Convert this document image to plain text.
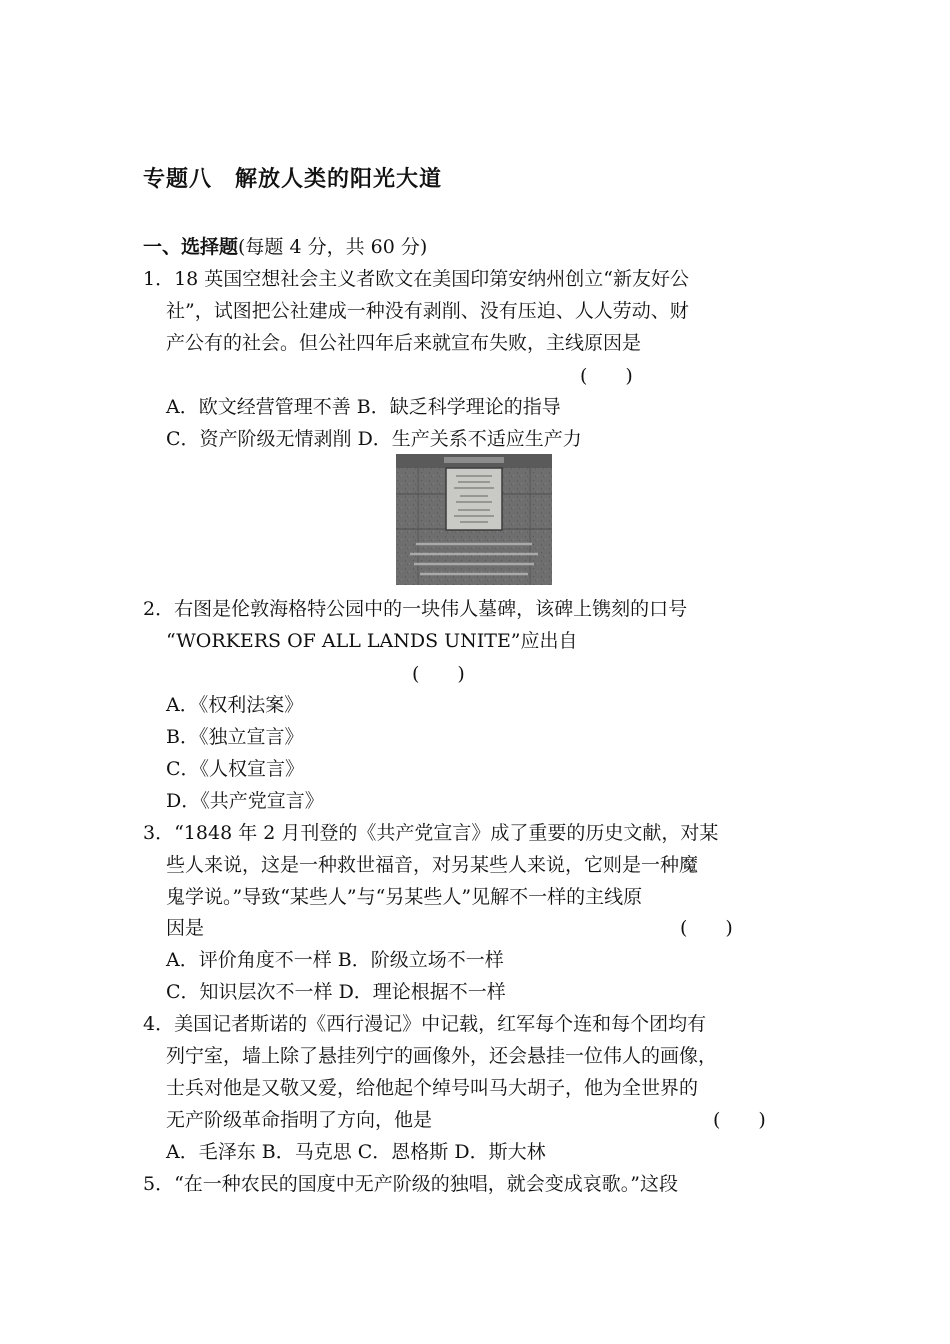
专题八　解放人类的阳光大道
一、选择题(每题 4 分，共 60 分)
1．18 英国空想社会主义者欧文在美国印第安纳州创立“新友好公
社”，试图把公社建成一种没有剥削、没有压迫、人人劳动、财
产公有的社会。但公社四年后来就宣布失败，主线原因是
(　　)
A．欧文经营管理不善 B．缺乏科学理论的指导
C．资产阶级无情剥削 D．生产关系不适应生产力
2．右图是伦敦海格特公园中的一块伟人墓碑，该碑上镌刻的口号
“WORKERS OF ALL LANDS UNITE”应出自
(　　)
A．《权利法案》
B．《独立宣言》
C．《人权宣言》
D．《共产党宣言》
3．“1848 年 2 月刊登的《共产党宣言》成了重要的历史文献，对某
些人来说，这是一种救世福音，对另某些人来说，它则是一种魔
鬼学说。”导致“某些人”与“另某些人”见解不一样的主线原
因是	(　　)
A．评价角度不一样 B．阶级立场不一样
C．知识层次不一样 D．理论根据不一样
4．美国记者斯诺的《西行漫记》中记载，红军每个连和每个团均有
列宁室，墙上除了悬挂列宁的画像外，还会悬挂一位伟人的画像，
士兵对他是又敬又爱，给他起个绰号叫马大胡子，他为全世界的
无产阶级革命指明了方向，他是	(　　)
A．毛泽东 B．马克思 C．恩格斯 D．斯大林
5．“在一种农民的国度中无产阶级的独唱，就会变成哀歌。”这段
